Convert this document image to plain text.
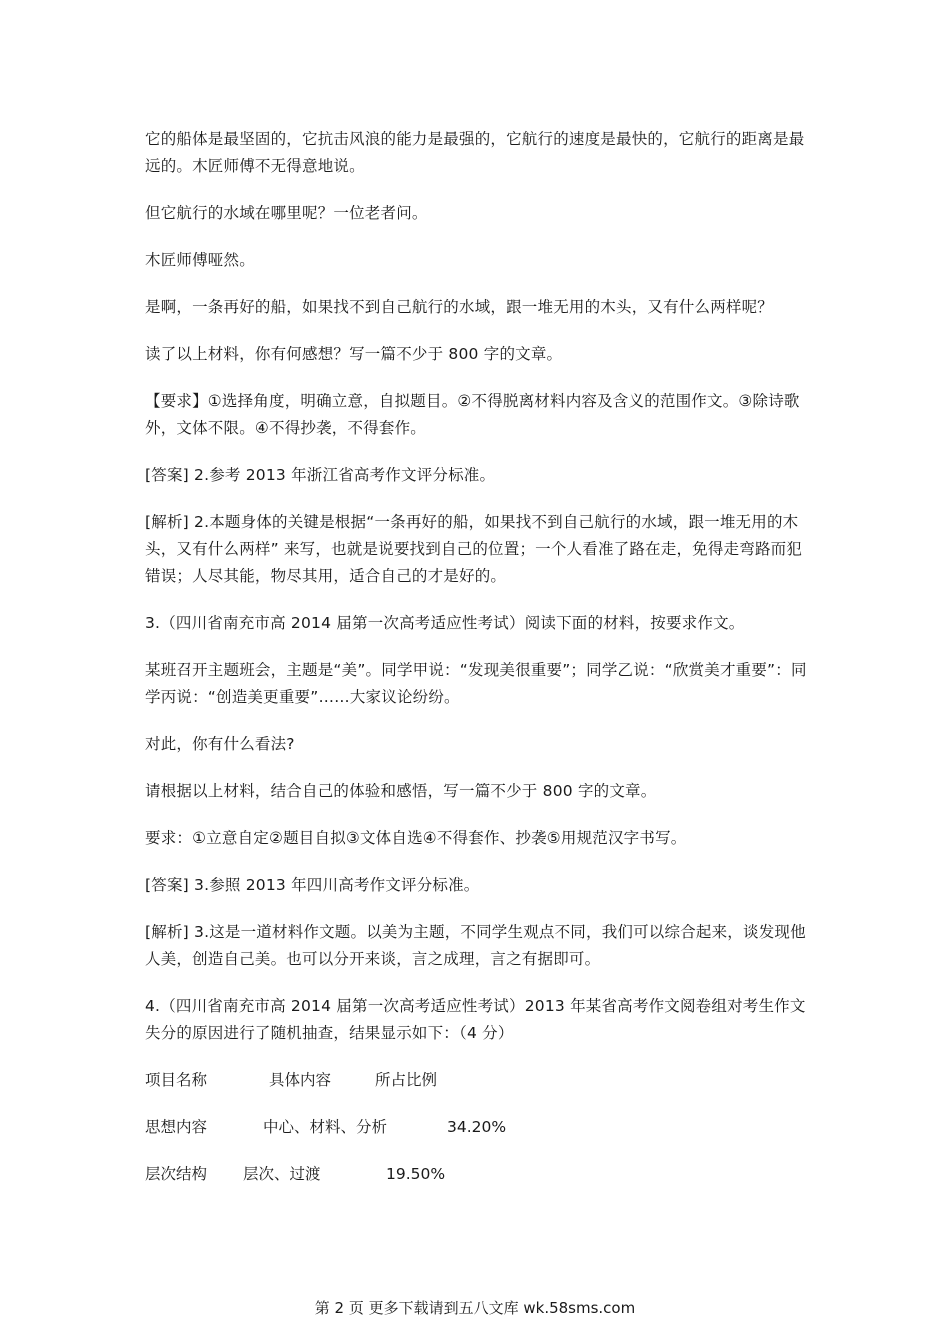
它的船体是最坚固的，它抗击风浪的能力是最强的，它航行的速度是最快的，它航行的距离是最远的。木匠师傅不无得意地说。

但它航行的水域在哪里呢？一位老者问。

木匠师傅哑然。

是啊，一条再好的船，如果找不到自己航行的水域，跟一堆无用的木头，又有什么两样呢？

读了以上材料，你有何感想？写一篇不少于 800 字的文章。

【要求】①选择角度，明确立意，自拟题目。②不得脱离材料内容及含义的范围作文。③除诗歌外，文体不限。④不得抄袭，不得套作。

[答案] 2.参考 2013 年浙江省高考作文评分标准。

[解析] 2.本题身体的关键是根据“一条再好的船，如果找不到自己航行的水域，跟一堆无用的木头，又有什么两样” 来写，也就是说要找到自己的位置；一个人看准了路在走，免得走弯路而犯错误；人尽其能，物尽其用，适合自己的才是好的。

3.（四川省南充市高 2014 届第一次高考适应性考试）阅读下面的材料，按要求作文。

某班召开主题班会，主题是“美”。同学甲说：“发现美很重要”；同学乙说：“欣赏美才重要”：同学丙说：“创造美更重要”……大家议论纷纷。

对此，你有什么看法?

请根据以上材料，结合自己的体验和感悟，写一篇不少于 800 字的文章。

要求：①立意自定②题目自拟③文体自选④不得套作、抄袭⑤用规范汉字书写。

[答案] 3.参照 2013 年四川高考作文评分标准。

[解析] 3.这是一道材料作文题。以美为主题，不同学生观点不同，我们可以综合起来，谈发现他人美，创造自己美。也可以分开来谈，言之成理，言之有据即可。

4.（四川省南充市高 2014 届第一次高考适应性考试）2013 年某省高考作文阅卷组对考生作文失分的原因进行了随机抽查，结果显示如下：（4 分）

项目名称	具体内容	所占比例
思想内容	中心、材料、分析	34.20%
层次结构	层次、过渡	19.50%
第 2 页 更多下载请到五八文库 wk.58sms.com
